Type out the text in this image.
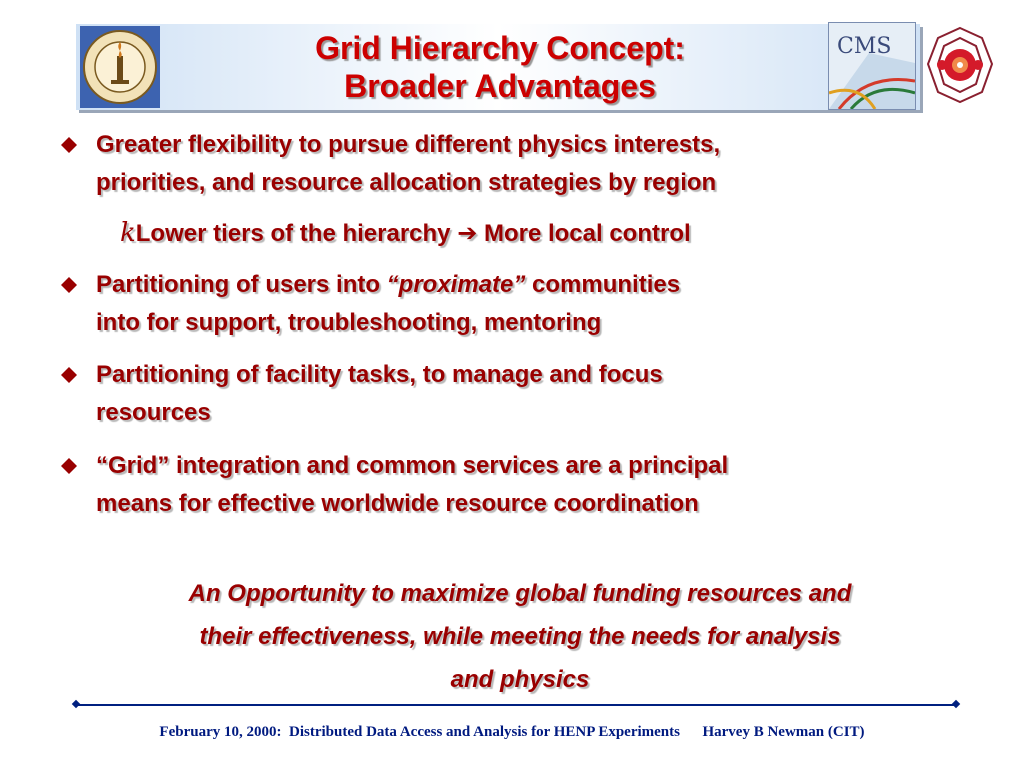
Grid Hierarchy Concept:
Broader Advantages
CMS
Greater flexibility to pursue different physics interests,
priorities, and resource allocation strategies by region
kLower tiers of the hierarchy ➔ More local control
Partitioning of users into “proximate” communities
into for support, troubleshooting, mentoring
Partitioning of facility tasks, to manage and focus
resources
“Grid” integration and common services are a principal
means for effective worldwide resource coordination
An Opportunity to maximize global funding resources and
their effectiveness, while meeting the needs for analysis
and physics
February 10, 2000:  Distributed Data Access and Analysis for HENP Experiments Harvey B Newman (CIT)
